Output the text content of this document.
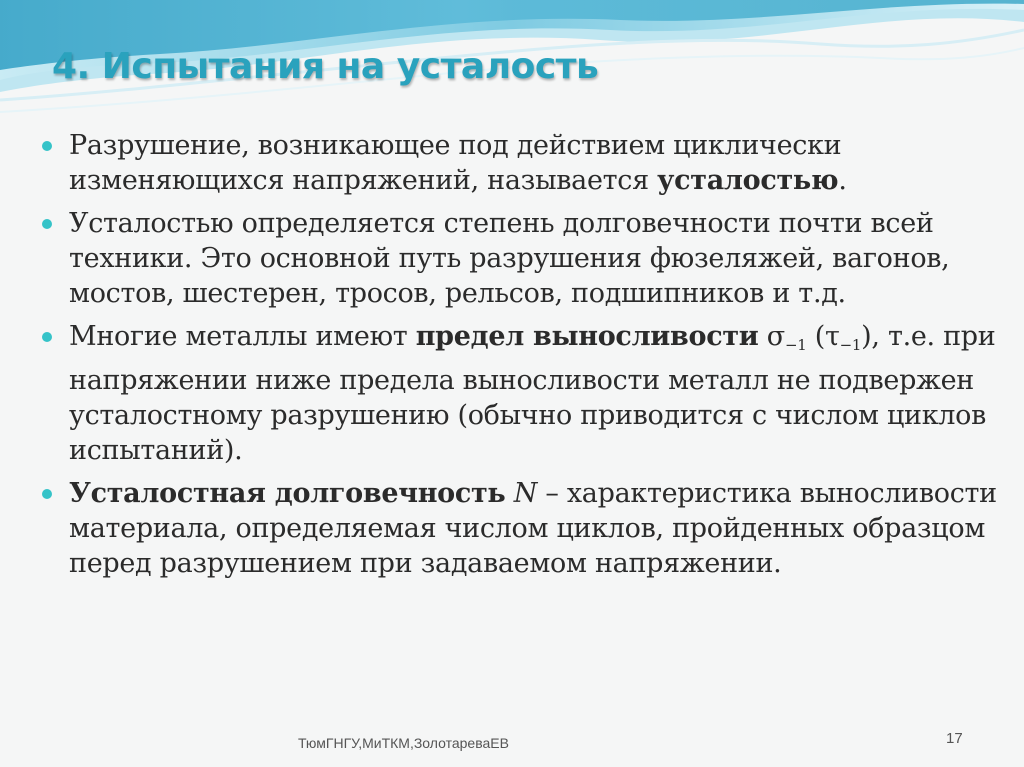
4. Испытания на усталость

Разрушение, возникающее под действием циклически изменяющихся напряжений, называется усталостью.

Усталостью определяется степень долговечности почти всей техники. Это основной путь разрушения фюзеляжей, вагонов, мостов, шестерен, тросов, рельсов, подшипников и т.д.

Многие металлы имеют предел выносливости $\sigma_{-1}$ $(\tau_{-1})$, т.е. при напряжении ниже предела выносливости металл не подвержен усталостному разрушению (обычно приводится с числом циклов испытаний).

Усталостная долговечность N – характеристика выносливости материала, определяемая числом циклов, пройденных образцом перед разрушением при задаваемом напряжении.

ТюмГНГУ,МиТКМ,ЗолотареваЕВ	17
